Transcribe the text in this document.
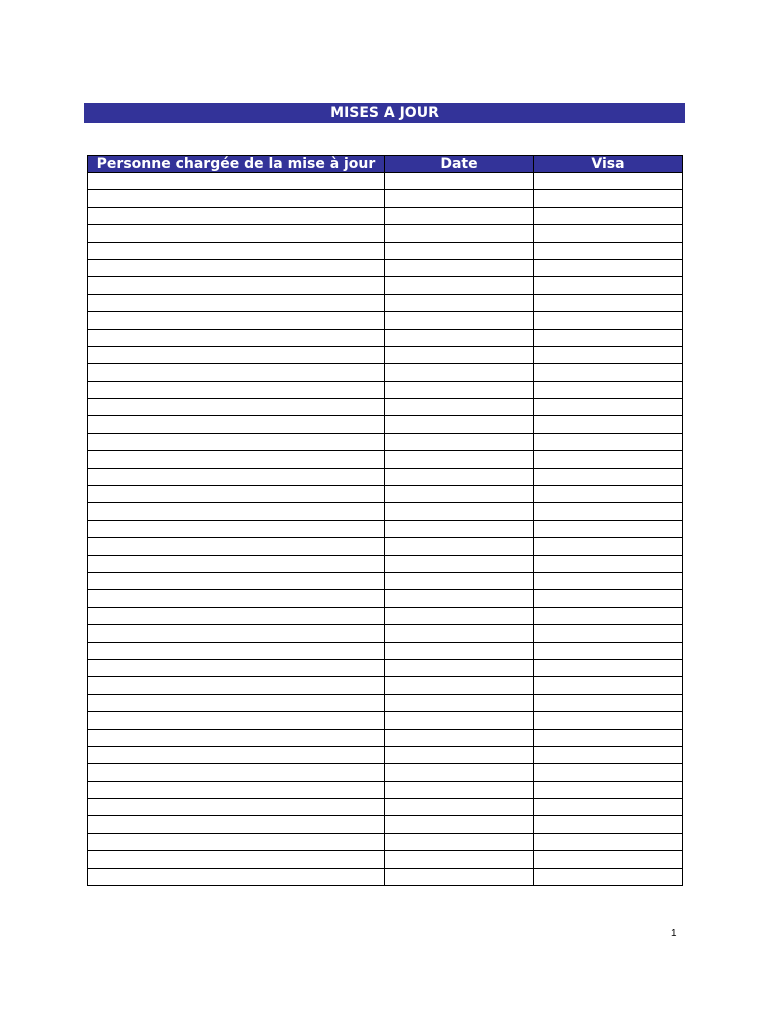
MISES A JOUR
Personne chargée de la mise à jour	Date	Visa

1
